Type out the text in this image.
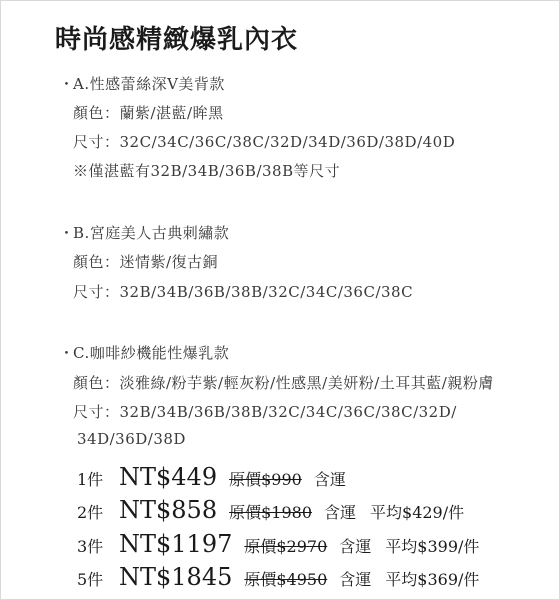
時尚感精緻爆乳內衣
・A.性感蕾絲深V美背款
顏色：蘭紫/湛藍/眸黑
尺寸：32C/34C/36C/38C/32D/34D/36D/38D/40D
※僅湛藍有32B/34B/36B/38B等尺寸
・B.宮庭美人古典刺繡款
顏色：迷情紫/復古銅
尺寸：32B/34B/36B/38B/32C/34C/36C/38C
・C.咖啡紗機能性爆乳款
顏色：淡雅綠/粉芋紫/輕灰粉/性感黑/美妍粉/土耳其藍/親粉膚
尺寸：32B/34B/36B/38B/32C/34C/36C/38C/32D/
34D/36D/38D
1件 NT$449 原價$990 含運
2件 NT$858 原價$1980 含運 平均$429/件
3件 NT$1197 原價$2970 含運 平均$399/件
5件 NT$1845 原價$4950 含運 平均$369/件
